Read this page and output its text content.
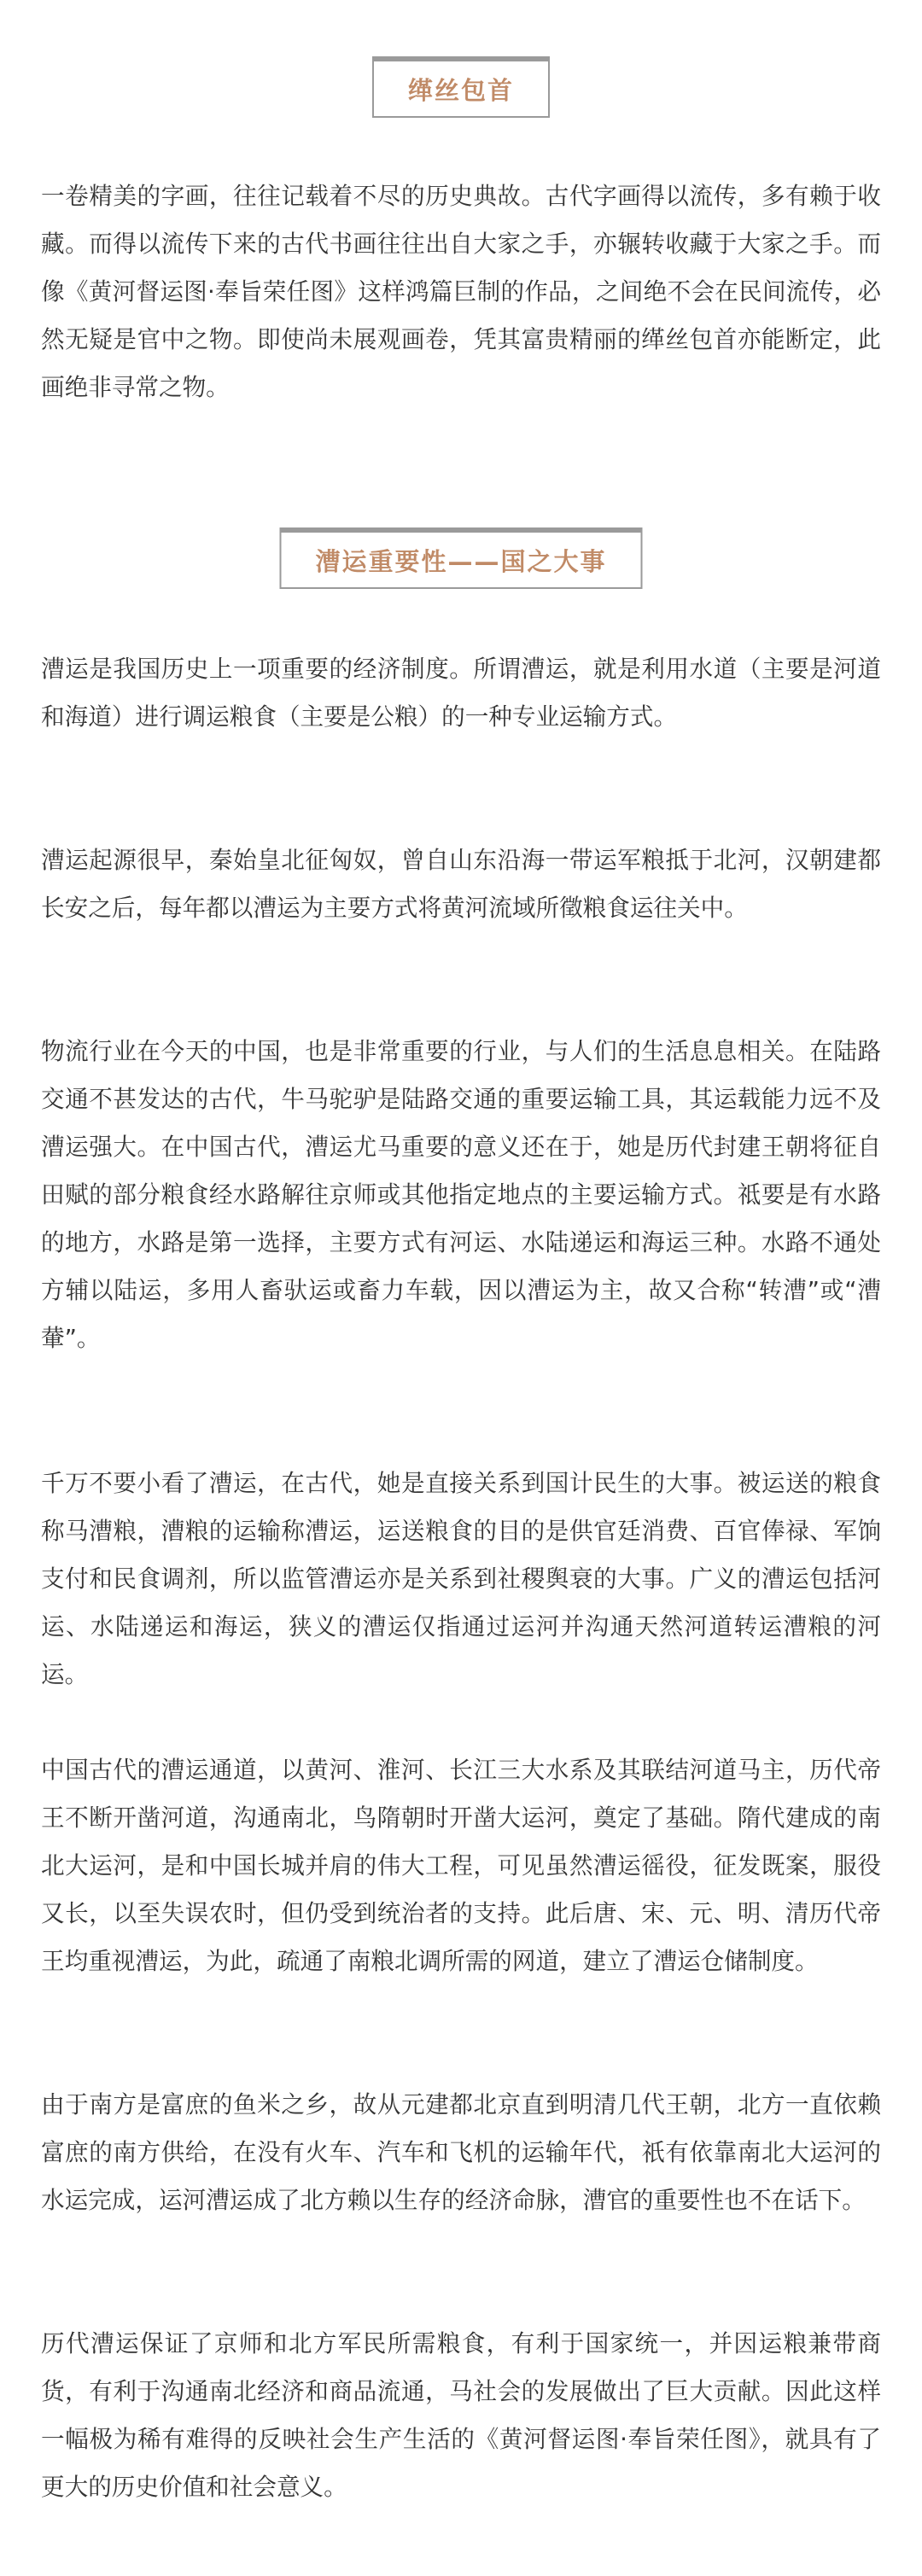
缂丝包首

一卷精美的字画，往往记载着不尽的历史典故。古代字画得以流传，多有赖于收藏。而得以流传下来的古代书画往往出自大家之手，亦辗转收藏于大家之手。而像《黄河督运图·奉旨荣任图》这样鸿篇巨制的作品，之间绝不会在民间流传，必然无疑是官中之物。即使尚未展观画卷，凭其富贵精丽的缂丝包首亦能断定，此画绝非寻常之物。

漕运重要性——国之大事

漕运是我国历史上一项重要的经济制度。所谓漕运，就是利用水道（主要是河道和海道）进行调运粮食（主要是公粮）的一种专业运输方式。

漕运起源很早，秦始皇北征匈奴，曾自山东沿海一带运军粮抵于北河，汉朝建都长安之后，每年都以漕运为主要方式将黄河流域所徵粮食运往关中。

物流行业在今天的中国，也是非常重要的行业，与人们的生活息息相关。在陆路交通不甚发达的古代，牛马驼驴是陆路交通的重要运输工具，其运载能力远不及漕运强大。在中国古代，漕运尤马重要的意义还在于，她是历代封建王朝将征自田赋的部分粮食经水路解往京师或其他指定地点的主要运输方式。祗要是有水路的地方，水路是第一选择，主要方式有河运、水陆递运和海运三种。水路不通处方辅以陆运，多用人畜驮运或畜力车载，因以漕运为主，故又合称“转漕”或“漕輂”。

千万不要小看了漕运，在古代，她是直接关系到国计民生的大事。被运送的粮食称马漕粮，漕粮的运输称漕运，运送粮食的目的是供官廷消费、百官俸禄、军饷支付和民食调剂，所以监管漕运亦是关系到社稷舆衰的大事。广义的漕运包括河运、水陆递运和海运，狭义的漕运仅指通过运河并沟通天然河道转运漕粮的河运。

中国古代的漕运通道，以黄河、淮河、长江三大水系及其联结河道马主，历代帝王不断开凿河道，沟通南北，鸟隋朝时开凿大运河，奠定了基础。隋代建成的南北大运河，是和中国长城并肩的伟大工程，可见虽然漕运徭役，征发既案，服役又长，以至失误农时，但仍受到统治者的支持。此后唐、宋、元、明、清历代帝王均重视漕运，为此，疏通了南粮北调所需的网道，建立了漕运仓储制度。

由于南方是富庶的鱼米之乡，故从元建都北京直到明清几代王朝，北方一直依赖富庶的南方供给，在没有火车、汽车和飞机的运输年代，祇有依靠南北大运河的水运完成，运河漕运成了北方赖以生存的经济命脉，漕官的重要性也不在话下。

历代漕运保证了京师和北方军民所需粮食，有利于国家统一，并因运粮兼带商货，有利于沟通南北经济和商品流通，马社会的发展做出了巨大贡献。因此这样一幅极为稀有难得的反映社会生产生活的《黄河督运图·奉旨荣任图》，就具有了更大的历史价值和社会意义。
